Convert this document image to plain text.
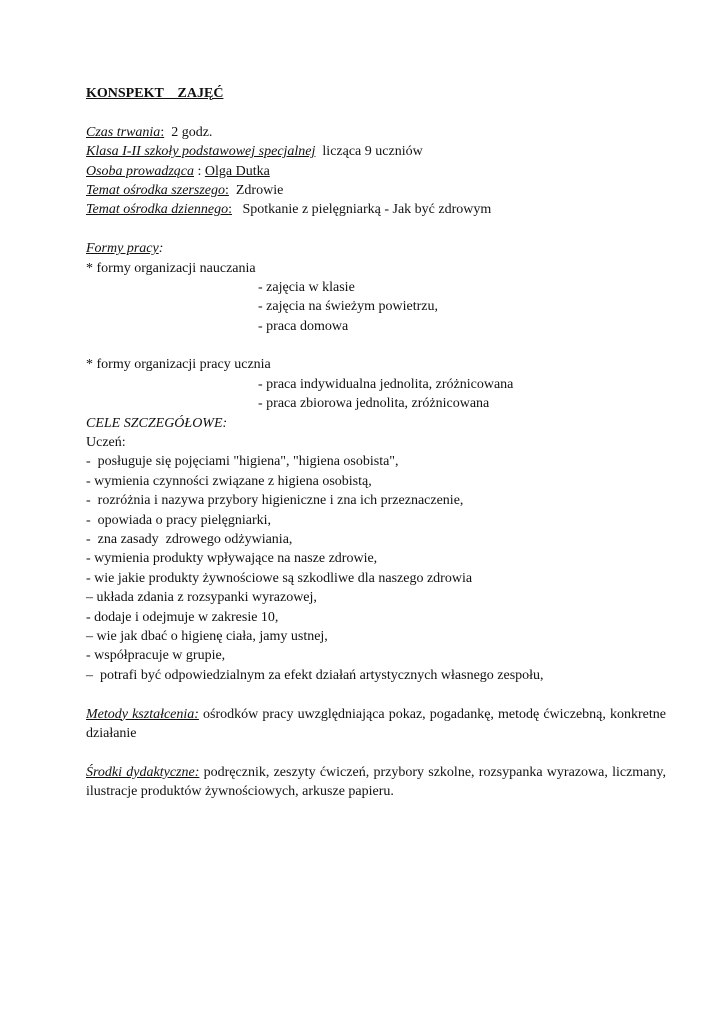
KONSPEKT    ZAJĘĆ
Czas trwania:  2 godz.
Klasa I-II szkoły podstawowej specjalnej  licząca 9 uczniów
Osoba prowadząca : Olga Dutka
Temat ośrodka szerszego:  Zdrowie
Temat ośrodka dziennego:   Spotkanie z pielęgniarką - Jak być zdrowym
Formy pracy:
* formy organizacji nauczania
- zajęcia w klasie
- zajęcia na świeżym powietrzu,
- praca domowa
* formy organizacji pracy ucznia
- praca indywidualna jednolita, zróżnicowana
- praca zbiorowa jednolita, zróżnicowana
CELE SZCZEGÓŁOWE:
Uczeń:
-  posługuje się pojęciami "higiena", "higiena osobista",
- wymienia czynności związane z higiena osobistą,
-  rozróżnia i nazywa przybory higieniczne i zna ich przeznaczenie,
-  opowiada o pracy pielęgniarki,
-  zna zasady  zdrowego odżywiania,
- wymienia produkty wpływające na nasze zdrowie,
- wie jakie produkty żywnościowe są szkodliwe dla naszego zdrowia
– układa zdania z rozsypanki wyrazowej,
- dodaje i odejmuje w zakresie 10,
– wie jak dbać o higienę ciała, jamy ustnej,
- współpracuje w grupie,
–  potrafi być odpowiedzialnym za efekt działań artystycznych własnego zespołu,
Metody kształcenia: ośrodków pracy uwzględniająca pokaz, pogadankę, metodę ćwiczebną, konkretne działanie
Środki dydaktyczne: podręcznik, zeszyty ćwiczeń, przybory szkolne, rozsypanka wyrazowa, liczmany, ilustracje produktów żywnościowych, arkusze papieru.
